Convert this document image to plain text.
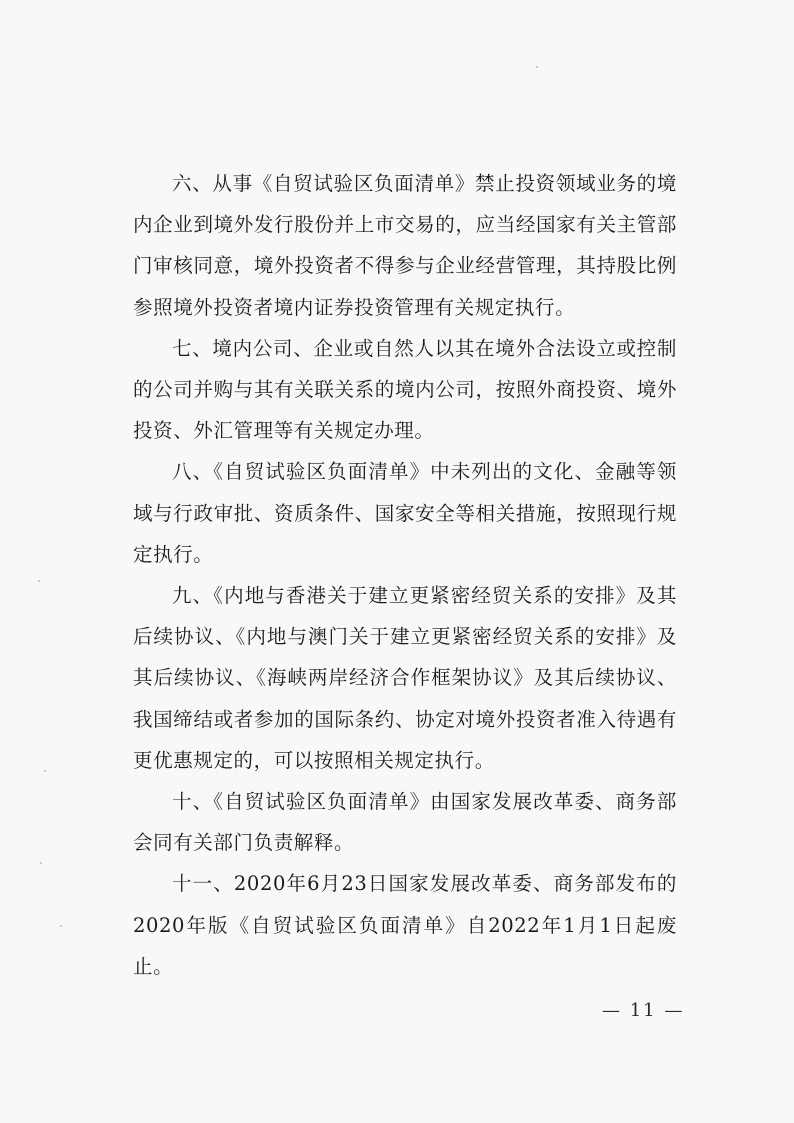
六、从事《自贸试验区负面清单》禁止投资领域业务的境内企业到境外发行股份并上市交易的，应当经国家有关主管部门审核同意，境外投资者不得参与企业经营管理，其持股比例参照境外投资者境内证券投资管理有关规定执行。

七、境内公司、企业或自然人以其在境外合法设立或控制的公司并购与其有关联关系的境内公司，按照外商投资、境外投资、外汇管理等有关规定办理。

八、《自贸试验区负面清单》中未列出的文化、金融等领域与行政审批、资质条件、国家安全等相关措施，按照现行规定执行。

九、《内地与香港关于建立更紧密经贸关系的安排》及其后续协议、《内地与澳门关于建立更紧密经贸关系的安排》及其后续协议、《海峡两岸经济合作框架协议》及其后续协议、我国缔结或者参加的国际条约、协定对境外投资者准入待遇有更优惠规定的，可以按照相关规定执行。

十、《自贸试验区负面清单》由国家发展改革委、商务部会同有关部门负责解释。

十一、2020年6月23日国家发展改革委、商务部发布的2020年版《自贸试验区负面清单》自2022年1月1日起废止。

— 11 —
